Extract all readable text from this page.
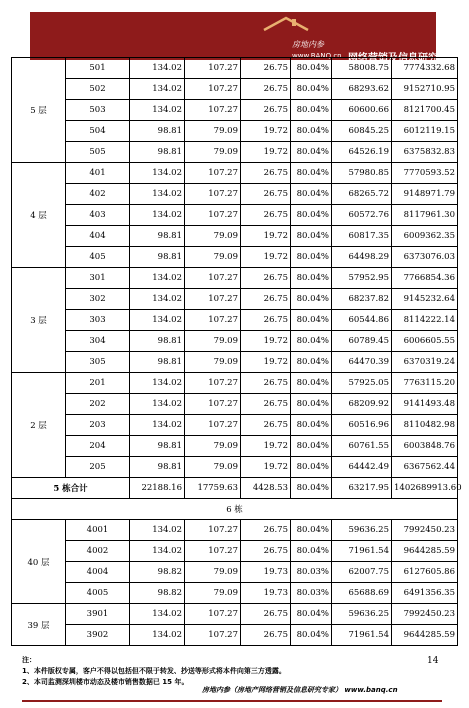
房地内参
www.BANQ.cn 网络营销及信息研究专家
5 层	501	134.02	107.27	26.75	80.04%	58008.75	7774332.68
	502	134.02	107.27	26.75	80.04%	68293.62	9152710.95
	503	134.02	107.27	26.75	80.04%	60600.66	8121700.45
	504	98.81	79.09	19.72	80.04%	60845.25	6012119.15
	505	98.81	79.09	19.72	80.04%	64526.19	6375832.83
4 层	401	134.02	107.27	26.75	80.04%	57980.85	7770593.52
	402	134.02	107.27	26.75	80.04%	68265.72	9148971.79
	403	134.02	107.27	26.75	80.04%	60572.76	8117961.30
	404	98.81	79.09	19.72	80.04%	60817.35	6009362.35
	405	98.81	79.09	19.72	80.04%	64498.29	6373076.03
3 层	301	134.02	107.27	26.75	80.04%	57952.95	7766854.36
	302	134.02	107.27	26.75	80.04%	68237.82	9145232.64
	303	134.02	107.27	26.75	80.04%	60544.86	8114222.14
	304	98.81	79.09	19.72	80.04%	60789.45	6006605.55
	305	98.81	79.09	19.72	80.04%	64470.39	6370319.24
2 层	201	134.02	107.27	26.75	80.04%	57925.05	7763115.20
	202	134.02	107.27	26.75	80.04%	68209.92	9141493.48
	203	134.02	107.27	26.75	80.04%	60516.96	8110482.98
	204	98.81	79.09	19.72	80.04%	60761.55	6003848.76
	205	98.81	79.09	19.72	80.04%	64442.49	6367562.44
5 栋合计		22188.16	17759.63	4428.53	80.04%	63217.95	1402689913.60
6 栋							
40 层	4001	134.02	107.27	26.75	80.04%	59636.25	7992450.23
	4002	134.02	107.27	26.75	80.04%	71961.54	9644285.59
	4004	98.82	79.09	19.73	80.03%	62007.75	6127605.86
	4005	98.82	79.09	19.73	80.03%	65688.69	6491356.35
39 层	3901	134.02	107.27	26.75	80.04%	59636.25	7992450.23
	3902	134.02	107.27	26.75	80.04%	71961.54	9644285.59
注：
1、本件版权专属，客户不得以包括但不限于转发、抄送等形式将本件向第三方透露。
2、本司监测深圳楼市动态及楼市销售数据已 15 年。
14
房地内参（房地产网络营销及信息研究专家） www.banq.cn
